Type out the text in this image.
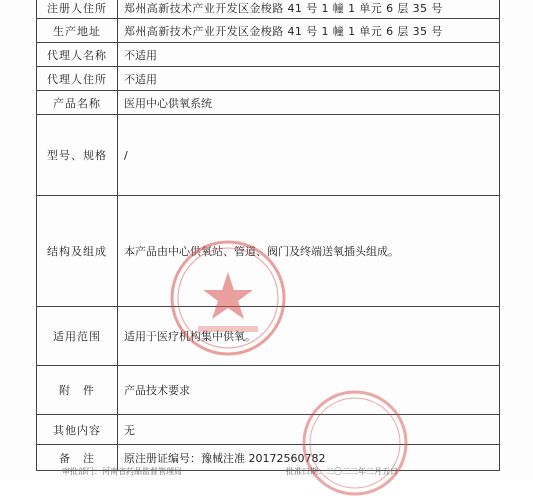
注册人住所	郑州高新技术产业开发区金梭路 41 号 1 幢 1 单元 6 层 35 号
生产地址	郑州高新技术产业开发区金梭路 41 号 1 幢 1 单元 6 层 35 号
代理人名称	不适用
代理人住所	不适用
产品名称	医用中心供氧系统
型号、规格	/
结构及组成	本产品由中心供氧站、管道、阀门及终端送氧插头组成。
适用范围	适用于医疗机构集中供氧。
附　件	产品技术要求
其他内容	无
备　注	原注册证编号：豫械注准 20172560782
审批部门：河南省药品监督管理局	批准日期：二〇二二年二月五日
